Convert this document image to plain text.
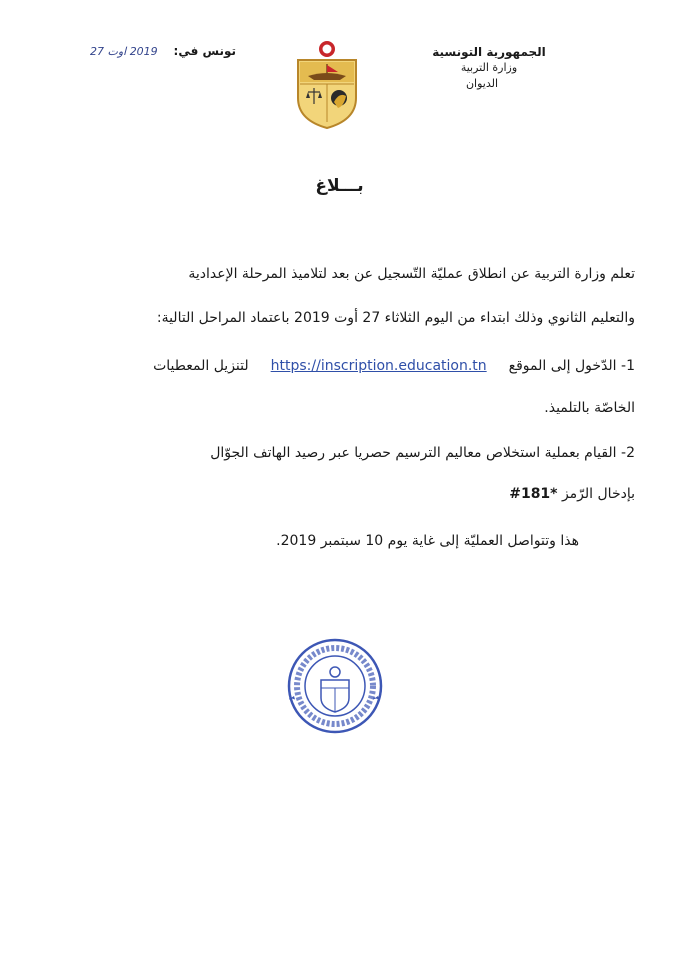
الجمهورية التونسية
وزارة التربية
الديوان
تونس في: 2019 اوت 27
بـــلاغ
تعلم وزارة التربية عن انطلاق عمليّة التّسجيل عن بعد لتلاميذ المرحلة الإعدادية
والتعليم الثانوي وذلك ابتداء من اليوم الثلاثاء 27 أوت 2019 باعتماد المراحل التالية:
1- الدّخول إلى الموقعhttps://inscription.education.tnلتنزيل المعطيات
الخاصّة بالتلميذ.
2- القيام بعملية استخلاص معاليم الترسيم حصريا عبر رصيد الهاتف الجوّال
بإدخال الرّمز #181*
هذا وتتواصل العمليّة إلى غاية يوم 10 سبتمبر 2019.
